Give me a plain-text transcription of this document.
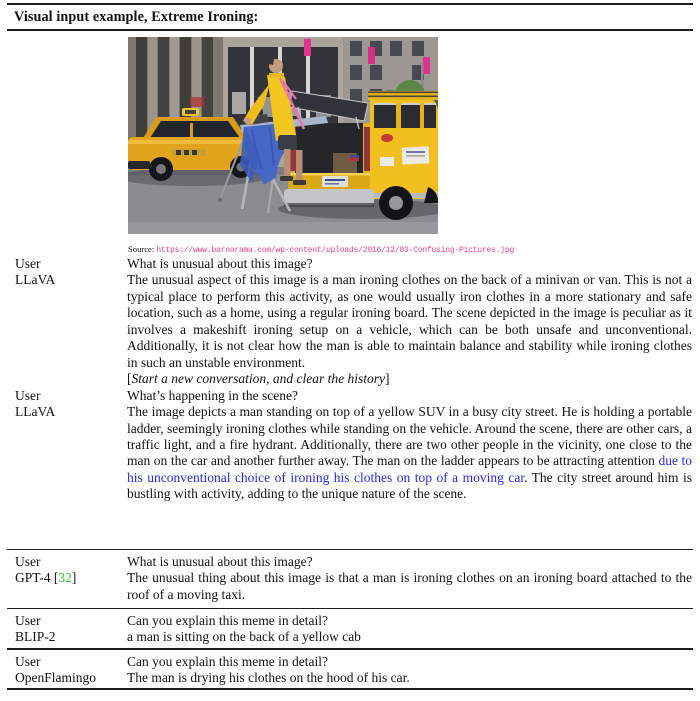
Visual input example, Extreme Ironing:
Source: https://www.barnorama.com/wp-content/uploads/2016/12/03-Confusing-Pictures.jpg
User	What is unusual about this image?
LLaVA	The unusual aspect of this image is a man ironing clothes on the back of a minivan or van. This is not a typical place to perform this activity, as one would usually iron clothes in a more stationary and safe location, such as a home, using a regular ironing board. The scene depicted in the image is peculiar as it involves a makeshift ironing setup on a vehicle, which can be both unsafe and unconventional. Additionally, it is not clear how the man is able to maintain balance and stability while ironing clothes in such an unstable environment.
[Start a new conversation, and clear the history]
User	What’s happening in the scene?
LLaVA	The image depicts a man standing on top of a yellow SUV in a busy city street. He is holding a portable ladder, seemingly ironing clothes while standing on the vehicle. Around the scene, there are other cars, a traffic light, and a fire hydrant. Additionally, there are two other people in the vicinity, one close to the man on the car and another further away. The man on the ladder appears to be attracting attention due to his unconventional choice of ironing his clothes on top of a moving car. The city street around him is bustling with activity, adding to the unique nature of the scene.
User	What is unusual about this image?
GPT-4 [32]	The unusual thing about this image is that a man is ironing clothes on an ironing board attached to the roof of a moving taxi.
User	Can you explain this meme in detail?
BLIP-2	a man is sitting on the back of a yellow cab
User	Can you explain this meme in detail?
OpenFlamingo	The man is drying his clothes on the hood of his car.
